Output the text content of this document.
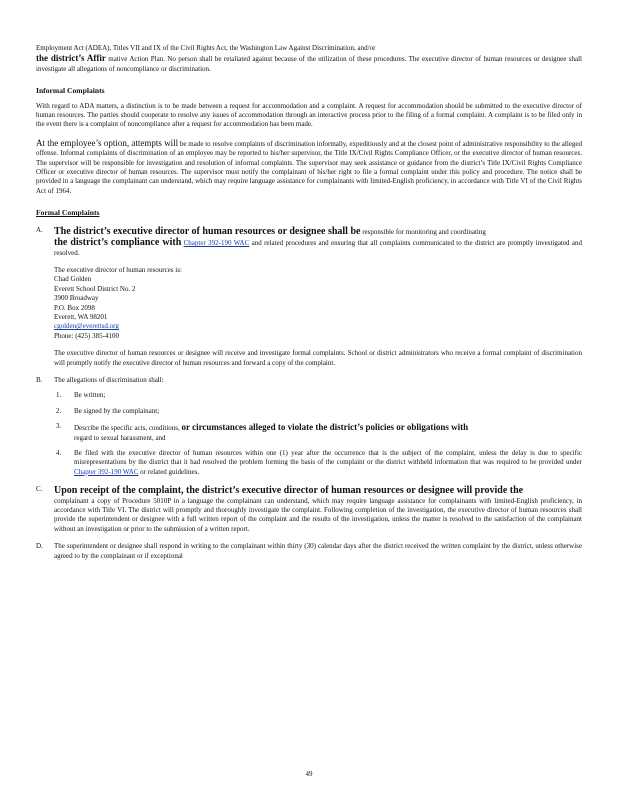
Employment Act (ADEA), Titles VII and IX of the Civil Rights Act, the Washington Law Against Discrimination, and/or
the district’s Affir mative Action Plan. No person shall be retaliated against because of the utilization of these procedures. The executive director of human resources or designee shall investigate all allegations of noncompliance or discrimination.

Informal Complaints

With regard to ADA matters, a distinction is to be made between a request for accommodation and a complaint. A request for accommodation should be submitted to the executive director of human resources. The parties should cooperate to resolve any issues of accommodation through an interactive process prior to the filing of a formal complaint. A complaint is to be filed only in the event there is a complaint of noncompliance after a request for accommodation has been made.

At the employee’s option, attempts will be made to resolve complaints of discrimination informally, expeditiously and at the closest point of administrative responsibility to the alleged offense. Informal complaints of discrimination of an employee may be reported to his/her supervisor, the Title IX/Civil Rights Compliance Officer, or the executive director of human resources. The supervisor will be responsible for investigation and resolution of informal complaints. The supervisor may seek assistance or guidance from the district’s Title IX/Civil Rights Compliance Officer or executive director of human resources. The supervisor must notify the complainant of his/her right to file a formal complaint under this policy and procedure. The notice shall be provided in a language the complainant can understand, which may require language assistance for complainants with limited-English proficiency, in accordance with Title VI of the Civil Rights Act of 1964.

Formal Complaints
A. The district’s executive director of human resources or designee shall be responsible for monitoring and coordinating
the district’s compliance with Chapter 392-190 WAC and related procedures and ensuring that all complaints communicated to the district are promptly investigated and resolved.

The executive director of human resources is:

Chad Golden

Everett School District No. 2

3900 Broadway

P.O. Box 2098

Everett, WA 98201

cgolden@everettsd.org

Phone: (425) 385-4100

The executive director of human resources or designee will receive and investigate formal complaints. School or district administrators who receive a formal complaint of discrimination will promptly notify the executive director of human resources and forward a copy of the complaint.

B. The allegations of discrimination shall:

1. Be written;

2. Be signed by the complainant;

3. Describe the specific acts, conditions, or circumstances alleged to violate the district’s policies or obligations with
regard to sexual harassment, and

4. Be filed with the executive director of human resources within one (1) year after the occurrence that is the subject of the complaint, unless the delay is due to specific misrepresentations by the district that it had resolved the problem forming the basis of the complaint or the district withheld information that was required to be provided under Chapter 392-190 WAC or related guidelines.

C. Upon receipt of the complaint, the district’s executive director of human resources or designee will provide the
complainant a copy of Procedure 5010P in a language the complainant can understand, which may require language assistance for complainants with limited-English proficiency, in accordance with Title VI. The district will promptly and thoroughly investigate the complaint. Following completion of the investigation, the executive director of human resources shall provide the superintendent or designee with a full written report of the complaint and the results of the investigation, unless the matter is resolved to the satisfaction of the complainant without an investigation or prior to the submission of a written report.

D. The superintendent or designee shall respond in writing to the complainant within thirty (30) calendar days after the district received the written complaint by the district, unless otherwise agreed to by the complainant or if exceptional

49
